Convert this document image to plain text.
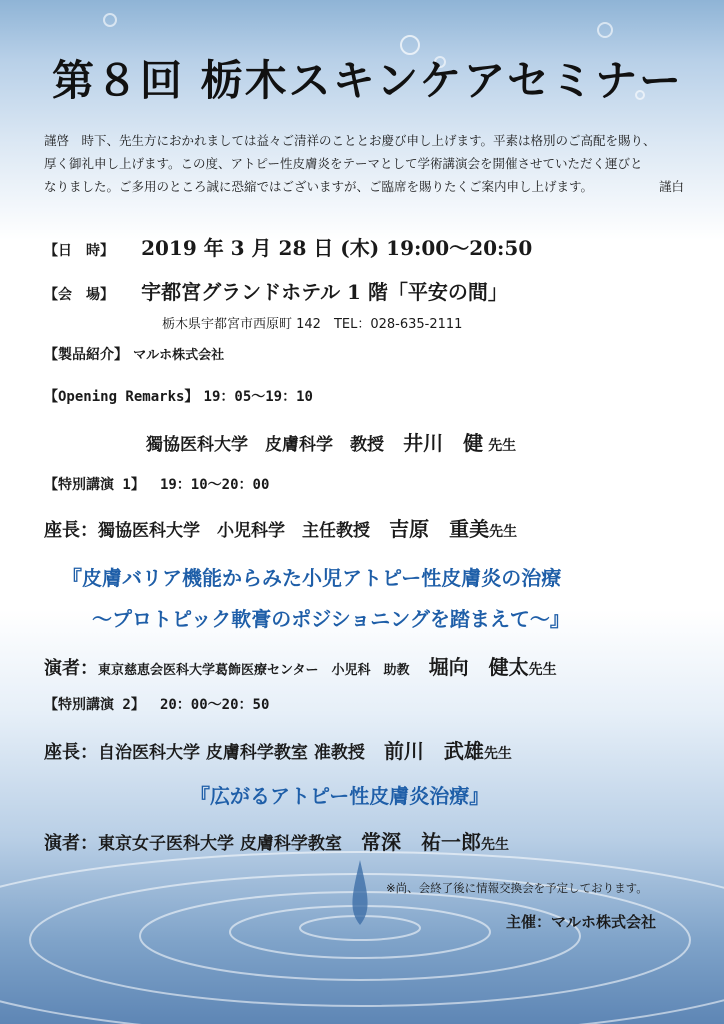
第８回 栃木スキンケアセミナー
謹啓　時下、先生方におかれましては益々ご清祥のこととお慶び申し上げます。平素は格別のご高配を賜り、
厚く御礼申し上げます。この度、アトピー性皮膚炎をテーマとして学術講演会を開催させていただく運びと
なりました。ご多用のところ誠に恐縮ではございますが、ご臨席を賜りたくご案内申し上げます。	謹白
【日　時】 2019 年 3 月 28 日 (木) 19:00～20:50
【会　場】 宇都宮グランドホテル 1 階「平安の間」
栃木県宇都宮市西原町 142　TEL：028-635-2111
【製品紹介】 マルホ株式会社
【Opening Remarks】 19：05～19：10
獨協医科大学　皮膚科学　教授 井川　健 先生
【特別講演 1】 19：10～20：00
座長：獨協医科大学　小児科学　主任教授 吉原　重美先生
『皮膚バリア機能からみた小児アトピー性皮膚炎の治療
～プロトピック軟膏のポジショニングを踏まえて～』
演者：東京慈恵会医科大学葛飾医療センター　小児科　助教 堀向　健太先生
【特別講演 2】 20：00～20：50
座長：自治医科大学 皮膚科学教室 准教授 前川　武雄先生
『広がるアトピー性皮膚炎治療』
演者：東京女子医科大学 皮膚科学教室 常深　祐一郎先生
※尚、会終了後に情報交換会を予定しております。
主催：マルホ株式会社
